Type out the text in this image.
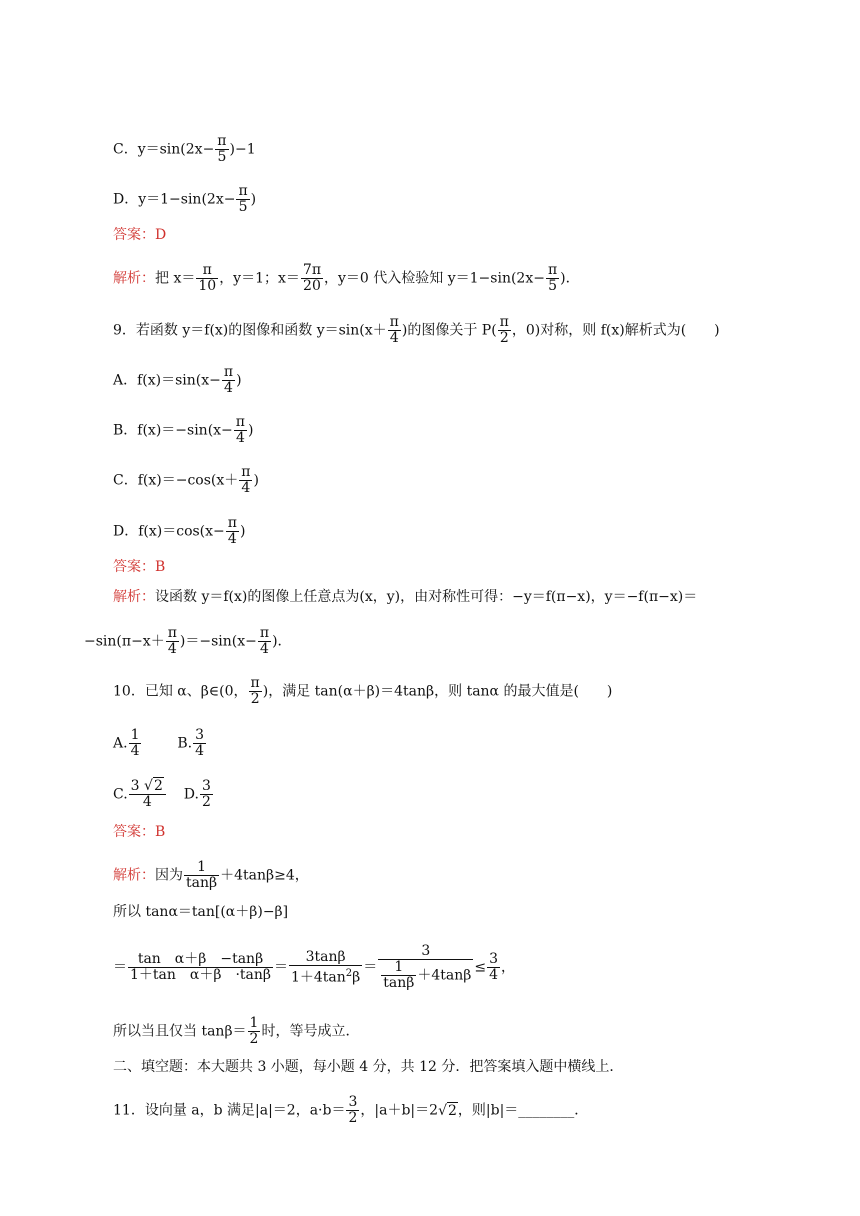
C．$y=\sin(2x- \frac{\pi}{5} )-1$
D．$y=1-\sin(2x- \frac{\pi}{5}$ )
答案：D
解析：把 $x= \frac{\pi}{10}$ ，y＝1；$x= \frac{7\pi}{20}$ ，y＝0 代入检验知 $y=1-\sin(2x- \frac{\pi}{5}$ )．
9．若函数 y＝f(x)的图像和函数 $y=\sin(x+ \frac{\pi}{4}$ )的图像关于 $P( \frac{\pi}{2}$ ，0)对称，则 f(x)解析式为(　　)
A．$f(x)=\sin(x- \frac{\pi}{4}$ )
B．$f(x)=-\sin(x- \frac{\pi}{4}$ )
C．$f(x)=-\cos(x+ \frac{\pi}{4}$ )
D．$f(x)=\cos(x- \frac{\pi}{4}$ )
答案：B
解析：设函数 y＝f(x)的图像上任意点为(x，y)，由对称性可得：−y＝f(π−x)，y＝−f(π−x)＝
$-\sin(\pi-x+ \frac{\pi}{4} )=-\sin(x- \frac{\pi}{4}$ )．
10．已知 α、β∈(0， $\frac{\pi}{2}$ )，满足 tan(α＋β)＝4tanβ，则 tanα 的最大值是(　　)
A. $\frac{1}{4}$	B. $\frac{3}{4}$
C. $\frac{3 √2}{4} D$. $\frac{3}{2}$
答案：B
解析：因为 $\frac{1}{\tan\beta} +4\tan\beta\ge 4$，
所以 tanα＝tan[(α＋β)−β]
＝ $\frac{\text{tan　α＋β　−tanβ}}{\text{1＋tan　α＋β　·tanβ}} = \frac{3\tan\beta}{1+4\tan^2\beta} = \frac{3}{\frac{1}{\tan\beta} +4\tan\beta} \le \frac{3}{4}$ ，
所以当且仅当 $\tan\beta= \frac{1}{2}$ 时，等号成立．
二、填空题：本大题共 3 小题，每小题 4 分，共 12 分．把答案填入题中横线上．
11．设向量 a，b 满足|a|＝2，$a\cdot b= \frac{3}{2}$ ，|a＋b|＝2√2，则|b|＝________．
